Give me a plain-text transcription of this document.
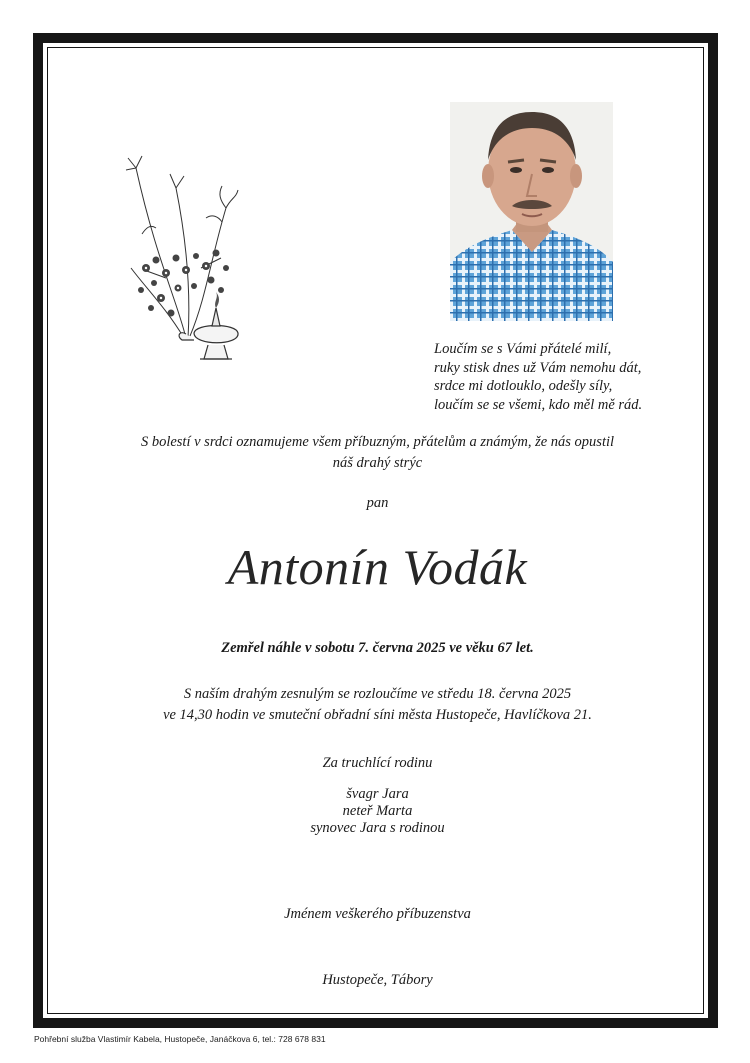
Loučím se s Vámi přátelé milí,
ruky stisk dnes už Vám nemohu dát,
srdce mi dotlouklo, odešly síly,
loučím se se všemi, kdo měl mě rád.
S bolestí v srdci oznamujeme všem příbuzným, přátelům a známým, že nás opustil
náš drahý strýc
pan
Antonín Vodák
Zemřel náhle v sobotu 7. června 2025 ve věku 67 let.
S naším drahým zesnulým se rozloučíme ve středu 18. června 2025
ve 14,30 hodin ve smuteční obřadní síni města Hustopeče, Havlíčkova 21.
Za truchlící rodinu
švagr Jara
neteř Marta
synovec Jara s rodinou
Jménem veškerého příbuzenstva
Hustopeče, Tábory
Pohřební služba Vlastimír Kabela, Hustopeče, Janáčkova 6, tel.: 728 678 831
